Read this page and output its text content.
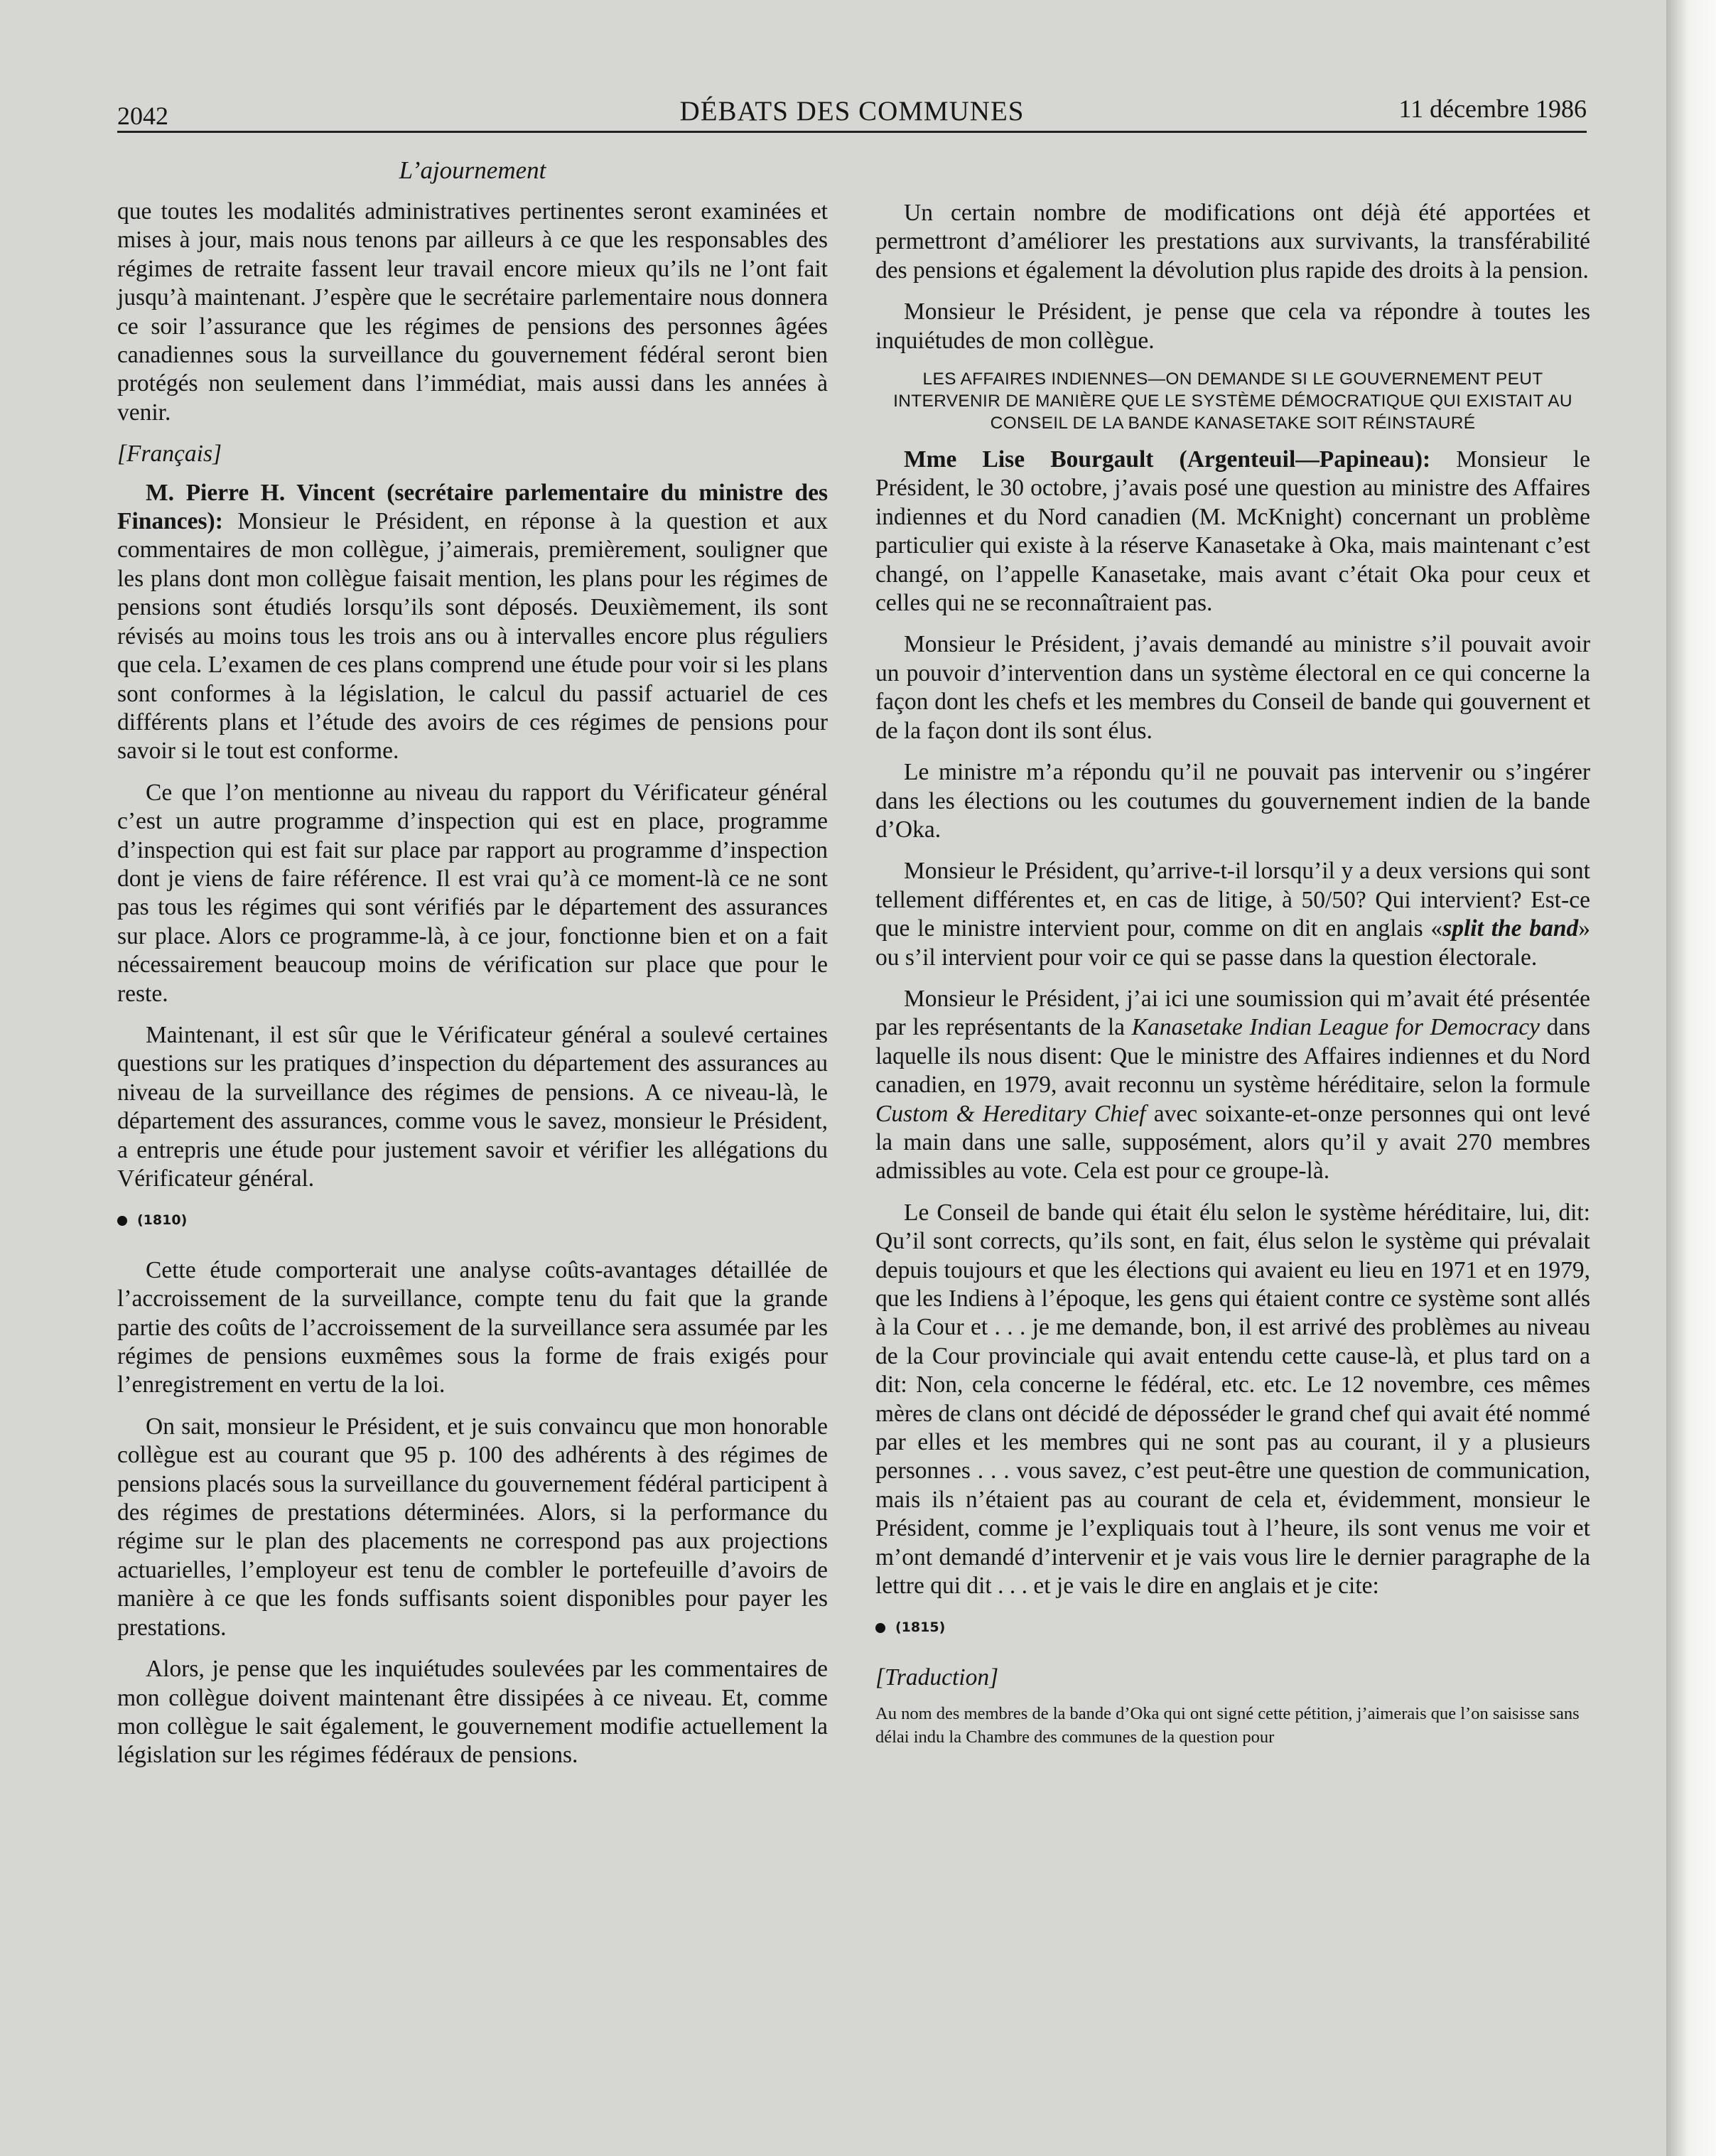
2042	DÉBATS DES COMMUNES	11 décembre 1986
L’ajournement

que toutes les modalités administratives pertinentes seront examinées et mises à jour, mais nous tenons par ailleurs à ce que les responsables des régimes de retraite fassent leur travail encore mieux qu’ils ne l’ont fait jusqu’à maintenant. J’espère que le secrétaire parlementaire nous donnera ce soir l’assurance que les régimes de pensions des personnes âgées canadiennes sous la surveillance du gouvernement fédéral seront bien protégés non seulement dans l’immédiat, mais aussi dans les années à venir.

[Français]

M. Pierre H. Vincent (secrétaire parlementaire du ministre des Finances): Monsieur le Président, en réponse à la question et aux commentaires de mon collègue, j’aimerais, premièrement, souligner que les plans dont mon collègue faisait mention, les plans pour les régimes de pensions sont étudiés lorsqu’ils sont déposés. Deuxièmement, ils sont révisés au moins tous les trois ans ou à intervalles encore plus réguliers que cela. L’examen de ces plans comprend une étude pour voir si les plans sont conformes à la législation, le calcul du passif actuariel de ces différents plans et l’étude des avoirs de ces régimes de pensions pour savoir si le tout est conforme.

Ce que l’on mentionne au niveau du rapport du Vérificateur général c’est un autre programme d’inspection qui est en place, programme d’inspection qui est fait sur place par rapport au programme d’inspection dont je viens de faire référence. Il est vrai qu’à ce moment-là ce ne sont pas tous les régimes qui sont vérifiés par le département des assurances sur place. Alors ce programme-là, à ce jour, fonctionne bien et on a fait nécessairement beaucoup moins de vérification sur place que pour le reste.

Maintenant, il est sûr que le Vérificateur général a soulevé certaines questions sur les pratiques d’inspection du département des assurances au niveau de la surveillance des régimes de pensions. A ce niveau-là, le département des assurances, comme vous le savez, monsieur le Président, a entrepris une étude pour justement savoir et vérifier les allégations du Vérificateur général.

(1810)

Cette étude comporterait une analyse coûts-avantages détaillée de l’accroissement de la surveillance, compte tenu du fait que la grande partie des coûts de l’accroissement de la surveillance sera assumée par les régimes de pensions euxmêmes sous la forme de frais exigés pour l’enregistrement en vertu de la loi.

On sait, monsieur le Président, et je suis convaincu que mon honorable collègue est au courant que 95 p. 100 des adhérents à des régimes de pensions placés sous la surveillance du gouvernement fédéral participent à des régimes de prestations déterminées. Alors, si la performance du régime sur le plan des placements ne correspond pas aux projections actuarielles, l’employeur est tenu de combler le portefeuille d’avoirs de manière à ce que les fonds suffisants soient disponibles pour payer les prestations.

Alors, je pense que les inquiétudes soulevées par les commentaires de mon collègue doivent maintenant être dissipées à ce niveau. Et, comme mon collègue le sait également, le gouvernement modifie actuellement la législation sur les régimes fédéraux de pensions.

Un certain nombre de modifications ont déjà été apportées et permettront d’améliorer les prestations aux survivants, la transférabilité des pensions et également la dévolution plus rapide des droits à la pension.

Monsieur le Président, je pense que cela va répondre à toutes les inquiétudes de mon collègue.

LES AFFAIRES INDIENNES—ON DEMANDE SI LE GOUVERNEMENT PEUT INTERVENIR DE MANIÈRE QUE LE SYSTÈME DÉMOCRATIQUE QUI EXISTAIT AU CONSEIL DE LA BANDE KANASETAKE SOIT RÉINSTAURÉ

Mme Lise Bourgault (Argenteuil—Papineau): Monsieur le Président, le 30 octobre, j’avais posé une question au ministre des Affaires indiennes et du Nord canadien (M. McKnight) concernant un problème particulier qui existe à la réserve Kanasetake à Oka, mais maintenant c’est changé, on l’appelle Kanasetake, mais avant c’était Oka pour ceux et celles qui ne se reconnaîtraient pas.

Monsieur le Président, j’avais demandé au ministre s’il pouvait avoir un pouvoir d’intervention dans un système électoral en ce qui concerne la façon dont les chefs et les membres du Conseil de bande qui gouvernent et de la façon dont ils sont élus.

Le ministre m’a répondu qu’il ne pouvait pas intervenir ou s’ingérer dans les élections ou les coutumes du gouvernement indien de la bande d’Oka.

Monsieur le Président, qu’arrive-t-il lorsqu’il y a deux versions qui sont tellement différentes et, en cas de litige, à 50/50? Qui intervient? Est-ce que le ministre intervient pour, comme on dit en anglais «split the band» ou s’il intervient pour voir ce qui se passe dans la question électorale.

Monsieur le Président, j’ai ici une soumission qui m’avait été présentée par les représentants de la Kanasetake Indian League for Democracy dans laquelle ils nous disent: Que le ministre des Affaires indiennes et du Nord canadien, en 1979, avait reconnu un système héréditaire, selon la formule Custom & Hereditary Chief avec soixante-et-onze personnes qui ont levé la main dans une salle, supposément, alors qu’il y avait 270 membres admissibles au vote. Cela est pour ce groupe-là.

Le Conseil de bande qui était élu selon le système héréditaire, lui, dit: Qu’il sont corrects, qu’ils sont, en fait, élus selon le système qui prévalait depuis toujours et que les élections qui avaient eu lieu en 1971 et en 1979, que les Indiens à l’époque, les gens qui étaient contre ce système sont allés à la Cour et . . . je me demande, bon, il est arrivé des problèmes au niveau de la Cour provinciale qui avait entendu cette cause-là, et plus tard on a dit: Non, cela concerne le fédéral, etc. etc. Le 12 novembre, ces mêmes mères de clans ont décidé de déposséder le grand chef qui avait été nommé par elles et les membres qui ne sont pas au courant, il y a plusieurs personnes . . . vous savez, c’est peut-être une question de communication, mais ils n’étaient pas au courant de cela et, évidemment, monsieur le Président, comme je l’expliquais tout à l’heure, ils sont venus me voir et m’ont demandé d’intervenir et je vais vous lire le dernier paragraphe de la lettre qui dit . . . et je vais le dire en anglais et je cite:

(1815)

[Traduction]

Au nom des membres de la bande d’Oka qui ont signé cette pétition, j’aimerais que l’on saisisse sans délai indu la Chambre des communes de la question pour
